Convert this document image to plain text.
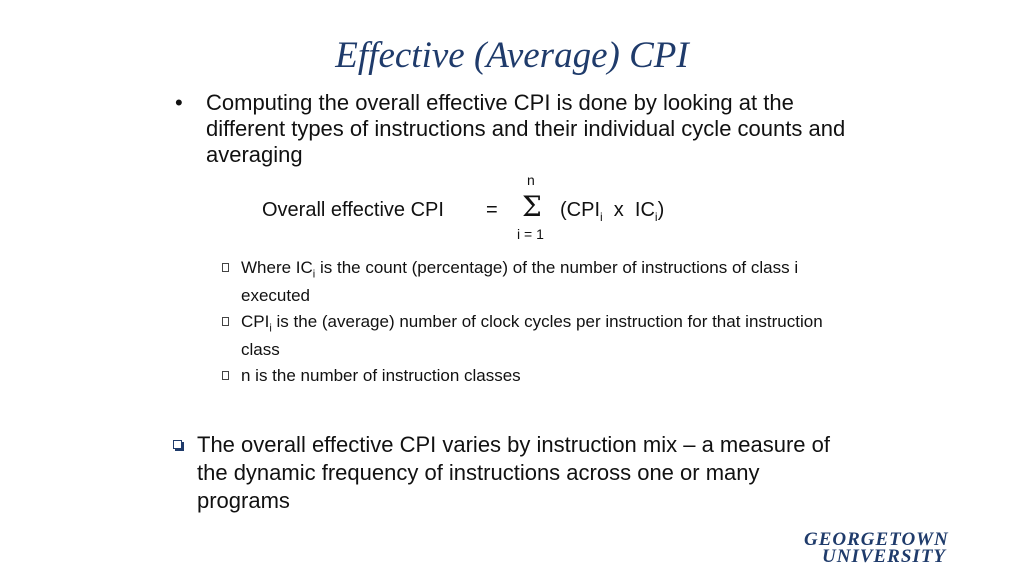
Effective (Average) CPI
• Computing the overall effective CPI is done by looking at the different types of instructions and their individual cycle counts and averaging
Overall effective CPI =
n
Σ
i = 1
($CPI_i$  x  $IC_i$)
Where $IC_i$ is the count (percentage) of the number of instructions of class i executed
$CPI_i$ is the (average) number of clock cycles per instruction for that instruction class
n is the number of instruction classes
The overall effective CPI varies by instruction mix – a measure of the dynamic frequency of instructions across one or many programs
GEORGETOWN
UNIVERSITY
